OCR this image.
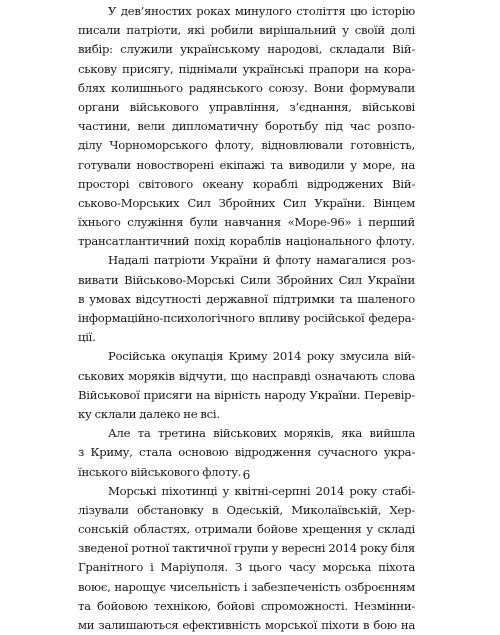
У дев’яностих роках минулого століття цю історію
писали патріоти, які робили вирішальний у своїй долі
вибір: служили українському народові, складали Вій-
ськову присягу, піднімали українські прапори на кора-
блях колишнього радянського союзу. Вони формували
органи військового управління, з’єднання, військові
частини, вели дипломатичну боротьбу під час розпо-
ділу Чорноморського флоту, відновлювали готовність,
готували новостворені екіпажі та виводили у море, на
просторі світового океану кораблі відроджених Вій-
ськово-Морських Сил Збройних Сил України. Вінцем
їхнього служіння були навчання «Море-96» і перший
трансатлантичний похід кораблів національного флоту.
Надалі патріоти України й флоту намагалися роз-
вивати Військово-Морські Сили Збройних Сил України
в умовах відсутності державної підтримки та шаленого
інформаційно-психологічного впливу російської федера-
ції.
Російська окупація Криму 2014 року змусила вій-
ськових моряків відчути, що насправді означають слова
Військової присяги на вірність народу України. Перевір-
ку склали далеко не всі.
Але та третина військових моряків, яка вийшла
з Криму, стала основою відродження сучасного укра-
їнського військового флоту.
Морські піхотинці у квітні-серпні 2014 року стабі-
лізували обстановку в Одеській, Миколаївській, Хер-
сонській областях, отримали бойове хрещення у складі
зведеної ротної тактичної групи у вересні 2014 року біля
Гранітного і Маріуполя. З цього часу морська піхота
воює, нарощує чисельність і забезпеченість озброєнням
та бойовою технікою, бойові спроможності. Незмінни-
ми залишаються ефективність морської піхоти в бою на
6
